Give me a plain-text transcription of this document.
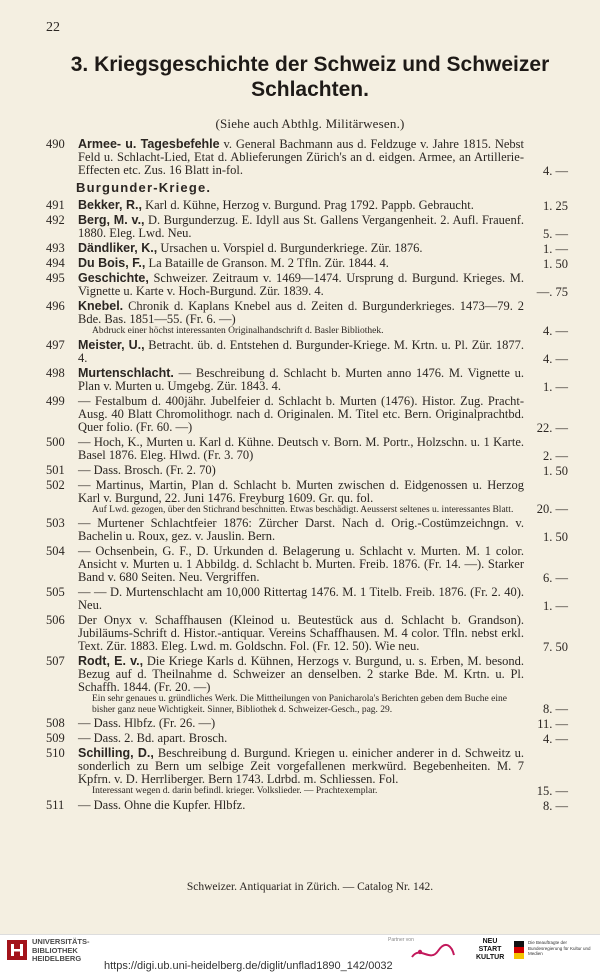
22
3. Kriegsgeschichte der Schweiz und Schweizer
Schlachten.
(Siehe auch Abthlg. Militärwesen.)
490 Armee- u. Tagesbefehle v. General Bachmann aus d. Feldzuge v. Jahre 1815. Nebst Feld u. Schlacht-Lied, Etat d. Ablieferungen Zürich's an d. eidgen. Armee, an Artillerie-Effecten etc. Zus. 16 Blatt in-fol.	4. —
Burgunder-Kriege.
491 Bekker, R., Karl d. Kühne, Herzog v. Burgund. Prag 1792. Pappb. Gebraucht.	1. 25
492 Berg, M. v., D. Burgunderzug. E. Idyll aus St. Gallens Vergangenheit. 2. Aufl. Frauenf. 1880. Eleg. Lwd. Neu.	5. —
493 Dändliker, K., Ursachen u. Vorspiel d. Burgunderkriege. Zür. 1876.	1. —
494 Du Bois, F., La Bataille de Granson. M. 2 Tfln. Zür. 1844. 4.	1. 50
495 Geschichte, Schweizer. Zeitraum v. 1469—1474. Ursprung d. Burgund. Krieges. M. Vignette u. Karte v. Hoch-Burgund. Zür. 1839. 4.	—. 75
496 Knebel. Chronik d. Kaplans Knebel aus d. Zeiten d. Burgunderkrieges. 1473—79. 2 Bde. Bas. 1851—55. (Fr. 6. —)
Abdruck einer höchst interessanten Originalhandschrift d. Basler Bibliothek.	4. —
497 Meister, U., Betracht. üb. d. Entstehen d. Burgunder-Kriege. M. Krtn. u. Pl. Zür. 1877. 4.	4. —
498 Murtenschlacht. — Beschreibung d. Schlacht b. Murten anno 1476. M. Vignette u. Plan v. Murten u. Umgebg. Zür. 1843. 4.	1. —
499 — Festalbum d. 400jähr. Jubelfeier d. Schlacht b. Murten (1476). Histor. Zug. Pracht-Ausg. 40 Blatt Chromolithogr. nach d. Originalen. M. Titel etc. Bern. Originalprachtbd. Quer folio. (Fr. 60. —)	22. —
500 — Hoch, K., Murten u. Karl d. Kühne. Deutsch v. Born. M. Portr., Holzschn. u. 1 Karte. Basel 1876. Eleg. Hlwd. (Fr. 3. 70)	2. —
501 — Dass. Brosch. (Fr. 2. 70)	1. 50
502 — Martinus, Martin, Plan d. Schlacht b. Murten zwischen d. Eidgenossen u. Herzog Karl v. Burgund, 22. Juni 1476. Freyburg 1609. Gr. qu. fol.
Auf Lwd. gezogen, über den Stichrand beschnitten. Etwas beschädigt. Aeusserst seltenes u. interessantes Blatt.	20. —
503 — Murtener Schlachtfeier 1876: Zürcher Darst. Nach d. Orig.-Costümzeichngn. v. Bachelin u. Roux, gez. v. Jauslin. Bern.	1. 50
504 — Ochsenbein, G. F., D. Urkunden d. Belagerung u. Schlacht v. Murten. M. 1 color. Ansicht v. Murten u. 1 Abbildg. d. Schlacht b. Murten. Freib. 1876. (Fr. 14. —). Starker Band v. 680 Seiten. Neu. Vergriffen.	6. —
505 — — D. Murtenschlacht am 10,000 Rittertag 1476. M. 1 Titelb. Freib. 1876. (Fr. 2. 40). Neu.	1. —
506 Der Onyx v. Schaffhausen (Kleinod u. Beutestück aus d. Schlacht b. Grandson). Jubiläums-Schrift d. Histor.-antiquar. Vereins Schaffhausen. M. 4 color. Tfln. nebst erkl. Text. Zür. 1883. Eleg. Lwd. m. Goldschn. Fol. (Fr. 12. 50). Wie neu.	7. 50
507 Rodt, E. v., Die Kriege Karls d. Kühnen, Herzogs v. Burgund, u. s. Erben, M. besond. Bezug auf d. Theilnahme d. Schweizer an denselben. 2 starke Bde. M. Krtn. u. Pl. Schaffh. 1844. (Fr. 20. —)
Ein sehr genaues u. gründliches Werk. Die Mittheilungen von Panicharola's Berichten geben dem Buche eine bisher ganz neue Wichtigkeit. Sinner, Bibliothek d. Schweizer-Gesch., pag. 29.	8. —
508 — Dass. Hlbfz. (Fr. 26. —)	11. —
509 — Dass. 2. Bd. apart. Brosch.	4. —
510 Schilling, D., Beschreibung d. Burgund. Kriegen u. einicher anderer in d. Schweitz u. sonderlich zu Bern um selbige Zeit vorgefallenen merkwürd. Begebenheiten. M. 7 Kpfrn. v. D. Herrliberger. Bern 1743. Ldrbd. m. Schliessen. Fol.
Interessant wegen d. darin befindl. krieger. Volkslieder. — Prachtexemplar.	15. —
511 — Dass. Ohne die Kupfer. Hlbfz.	8. —
Schweizer. Antiquariat in Zürich. — Catalog Nr. 142.
UNIVERSITÄTS-
BIBLIOTHEK
HEIDELBERG
https://digi.ub.uni-heidelberg.de/diglit/unflad1890_142/0032
Partner von	NEU
START
KULTUR
Die Beauftragte der Bundesregierung für Kultur und Medien
